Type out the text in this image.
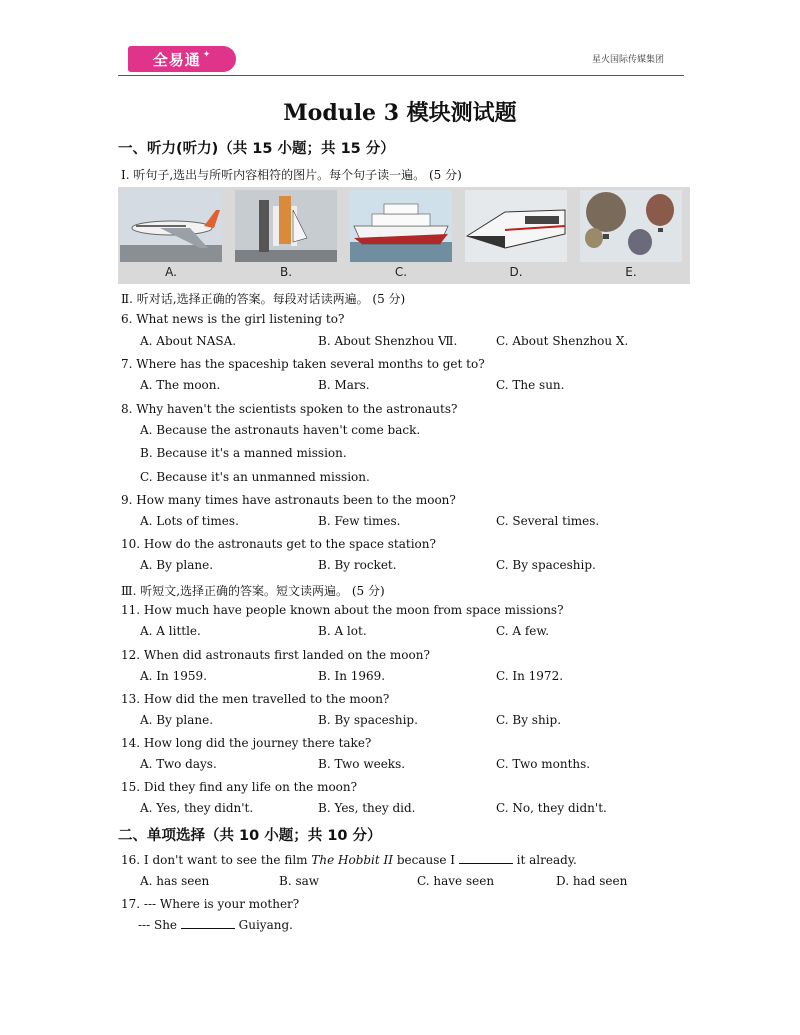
全易通 ✦	星火国际传媒集团
Module 3 模块测试题
一、听力(听力)（共 15 小题；共 15 分）
Ⅰ. 听句子,选出与所听内容相符的图片。每个句子读一遍。 (5 分)
A.	B.	C.	D.	E.
Ⅱ. 听对话,选择正确的答案。每段对话读两遍。 (5 分)
6. What news is the girl listening to?
A. About NASA.	B. About Shenzhou Ⅶ.	C. About Shenzhou Ⅹ.
7. Where has the spaceship taken several months to get to?
A. The moon.	B. Mars.	C. The sun.
8. Why haven't the scientists spoken to the astronauts?
A. Because the astronauts haven't come back.
B. Because it's a manned mission.
C. Because it's an unmanned mission.
9. How many times have astronauts been to the moon?
A. Lots of times.	B. Few times.	C. Several times.
10. How do the astronauts get to the space station?
A. By plane.	B. By rocket.	C. By spaceship.
Ⅲ. 听短文,选择正确的答案。短文读两遍。 (5 分)
11. How much have people known about the moon from space missions?
A. A little.	B. A lot.	C. A few.
12. When did astronauts first landed on the moon?
A. In 1959.	B. In 1969.	C. In 1972.
13. How did the men travelled to the moon?
A. By plane.	B. By spaceship.	C. By ship.
14. How long did the journey there take?
A. Two days.	B. Two weeks.	C. Two months.
15. Did they find any life on the moon?
A. Yes, they didn't.	B. Yes, they did.	C. No, they didn't.
二、单项选择（共 10 小题；共 10 分）
16. I don't want to see the film The Hobbit II because I	it already.
A. has seen	B. saw	C. have seen	D. had seen
17. --- Where is your mother?
--- She	Guiyang.
